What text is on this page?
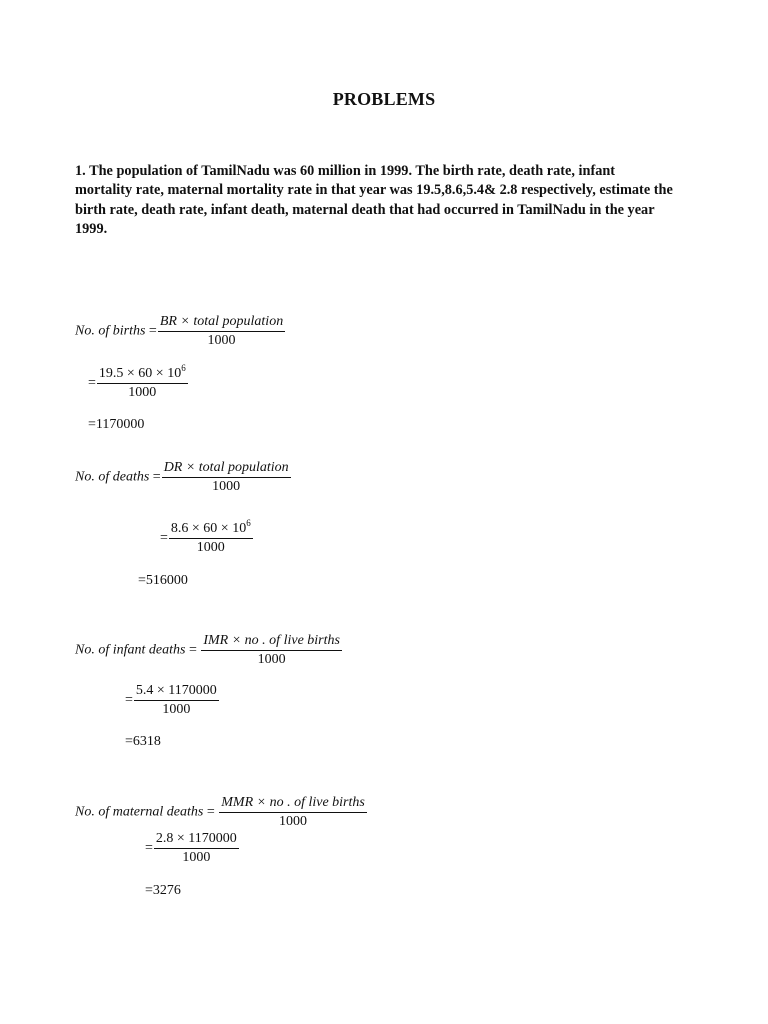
PROBLEMS
1. The population of TamilNadu was 60 million in 1999. The birth rate, death rate, infant mortality rate, maternal mortality rate in that year was 19.5,8.6,5.4& 2.8 respectively, estimate the birth rate, death rate, infant death, maternal death that had occurred in TamilNadu in the year 1999.
No. of births = $\frac{\text{BR × total population}}{1000}$
= $\frac{19.5 \times 60 \times 10^6}{1000}$
=1170000
No. of deaths = $\frac{\text{DR × total population}}{1000}$
= $\frac{8.6 \times 60 \times 10^6}{1000}$
=516000
No. of infant deaths = $\frac{\text{IMR × no . of live births}}{1000}$
= $\frac{5.4 \times 1170000}{1000}$
=6318
No. of maternal deaths = $\frac{\text{MMR × no . of live births}}{1000}$
= $\frac{2.8 \times 1170000}{1000}$
=3276
